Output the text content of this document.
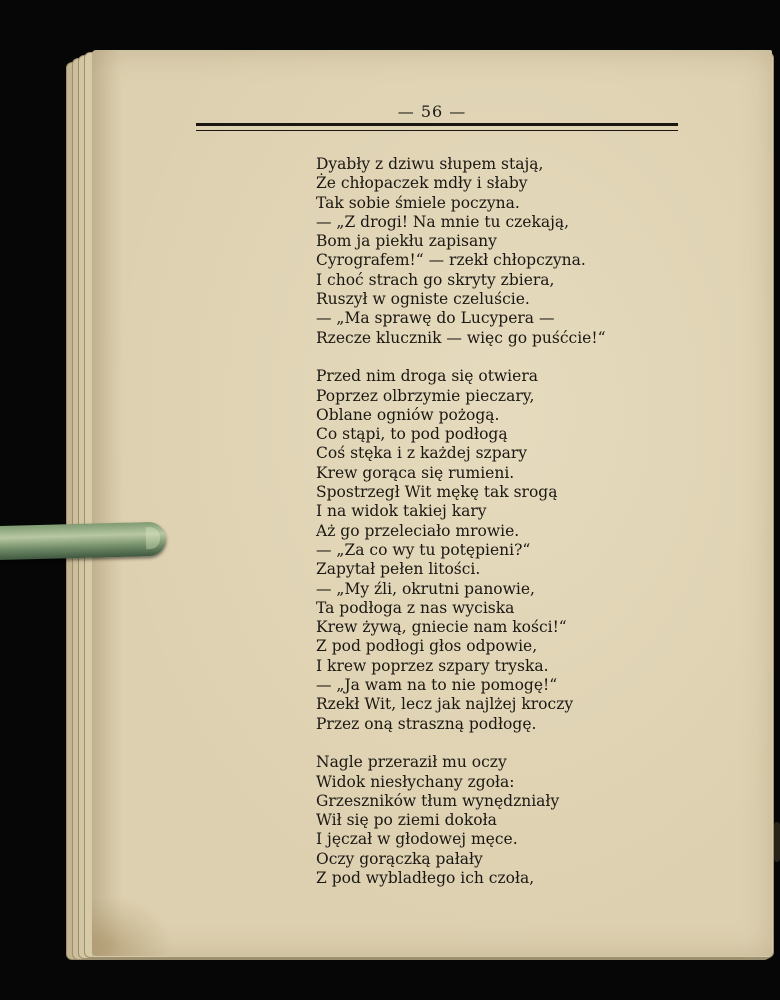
— 56 —
Dyabły z dziwu słupem stają,
Że chłopaczek mdły i słaby
Tak sobie śmiele poczyna.
— „Z drogi! Na mnie tu czekają,
Bom ja piekłu zapisany
Cyrografem!“ — rzekł chłopczyna.
I choć strach go skryty zbiera,
Ruszył w ogniste czeluście.
— „Ma sprawę do Lucypera —
Rzecze klucznik — więc go puśćcie!“
Przed nim droga się otwiera
Poprzez olbrzymie pieczary,
Oblane ogniów pożogą.
Co stąpi, to pod podłogą
Coś stęka i z każdej szpary
Krew gorąca się rumieni.
Spostrzegł Wit mękę tak srogą
I na widok takiej kary
Aż go przeleciało mrowie.
— „Za co wy tu potępieni?“
Zapytał pełen litości.
— „My źli, okrutni panowie,
Ta podłoga z nas wyciska
Krew żywą, gniecie nam kości!“
Z pod podłogi głos odpowie,
I krew poprzez szpary tryska.
— „Ja wam na to nie pomogę!“
Rzekł Wit, lecz jak najlżej kroczy
Przez oną straszną podłogę.
Nagle przeraził mu oczy
Widok niesłychany zgoła:
Grzeszników tłum wynędzniały
Wił się po ziemi dokoła
I jęczał w głodowej męce.
Oczy gorączką pałały
Z pod wybladłego ich czoła,
